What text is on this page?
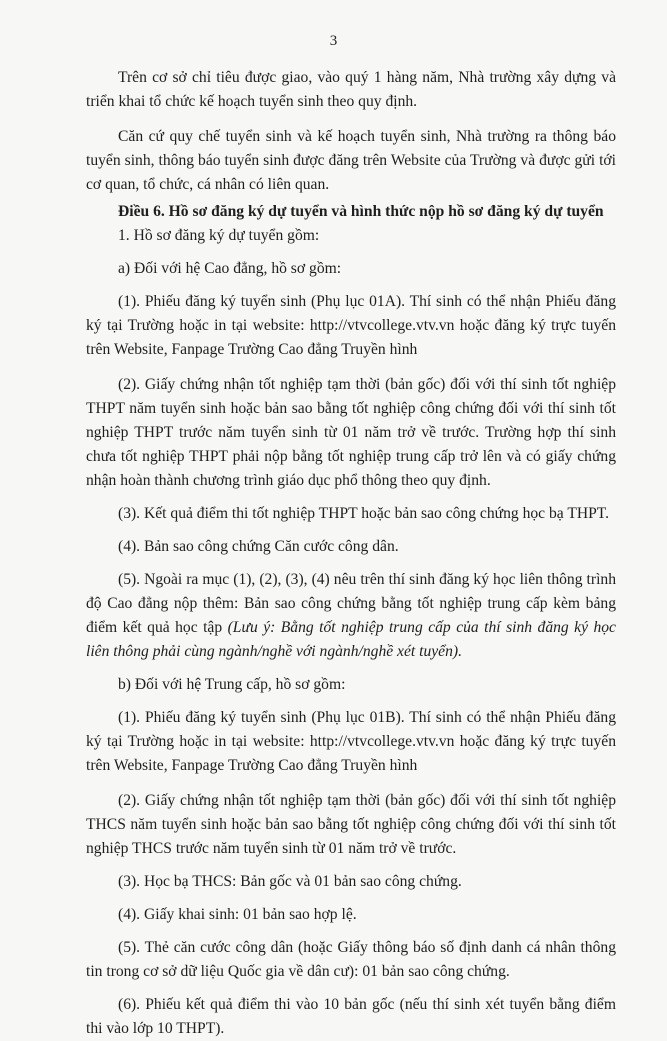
3

Trên cơ sở chỉ tiêu được giao, vào quý 1 hàng năm, Nhà trường xây dựng và triển khai tổ chức kế hoạch tuyển sinh theo quy định.

Căn cứ quy chế tuyển sinh và kế hoạch tuyển sinh, Nhà trường ra thông báo tuyển sinh, thông báo tuyển sinh được đăng trên Website của Trường và được gửi tới cơ quan, tổ chức, cá nhân có liên quan.

Điều 6. Hồ sơ đăng ký dự tuyển và hình thức nộp hồ sơ đăng ký dự tuyển

1. Hồ sơ đăng ký dự tuyển gồm:

a) Đối với hệ Cao đẳng, hồ sơ gồm:

(1). Phiếu đăng ký tuyển sinh (Phụ lục 01A). Thí sinh có thể nhận Phiếu đăng ký tại Trường hoặc in tại website: http://vtvcollege.vtv.vn hoặc đăng ký trực tuyến trên Website, Fanpage Trường Cao đẳng Truyền hình

(2). Giấy chứng nhận tốt nghiệp tạm thời (bản gốc) đối với thí sinh tốt nghiệp THPT năm tuyển sinh hoặc bản sao bằng tốt nghiệp công chứng đối với thí sinh tốt nghiệp THPT trước năm tuyển sinh từ 01 năm trở về trước. Trường hợp thí sinh chưa tốt nghiệp THPT phải nộp bằng tốt nghiệp trung cấp trở lên và có giấy chứng nhận hoàn thành chương trình giáo dục phổ thông theo quy định.

(3). Kết quả điểm thi tốt nghiệp THPT hoặc bản sao công chứng học bạ THPT.

(4). Bản sao công chứng Căn cước công dân.

(5). Ngoài ra mục (1), (2), (3), (4) nêu trên thí sinh đăng ký học liên thông trình độ Cao đẳng nộp thêm: Bản sao công chứng bằng tốt nghiệp trung cấp kèm bảng điểm kết quả học tập (Lưu ý: Bằng tốt nghiệp trung cấp của thí sinh đăng ký học liên thông phải cùng ngành/nghề với ngành/nghề xét tuyển).

b) Đối với hệ Trung cấp, hồ sơ gồm:

(1). Phiếu đăng ký tuyển sinh (Phụ lục 01B). Thí sinh có thể nhận Phiếu đăng ký tại Trường hoặc in tại website: http://vtvcollege.vtv.vn hoặc đăng ký trực tuyến trên Website, Fanpage Trường Cao đẳng Truyền hình

(2). Giấy chứng nhận tốt nghiệp tạm thời (bản gốc) đối với thí sinh tốt nghiệp THCS năm tuyển sinh hoặc bản sao bằng tốt nghiệp công chứng đối với thí sinh tốt nghiệp THCS trước năm tuyển sinh từ 01 năm trở về trước.

(3). Học bạ THCS: Bản gốc và 01 bản sao công chứng.

(4). Giấy khai sinh: 01 bản sao hợp lệ.

(5). Thẻ căn cước công dân (hoặc Giấy thông báo số định danh cá nhân thông tin trong cơ sở dữ liệu Quốc gia về dân cư): 01 bản sao công chứng.

(6). Phiếu kết quả điểm thi vào 10 bản gốc (nếu thí sinh xét tuyển bằng điểm thi vào lớp 10 THPT).
